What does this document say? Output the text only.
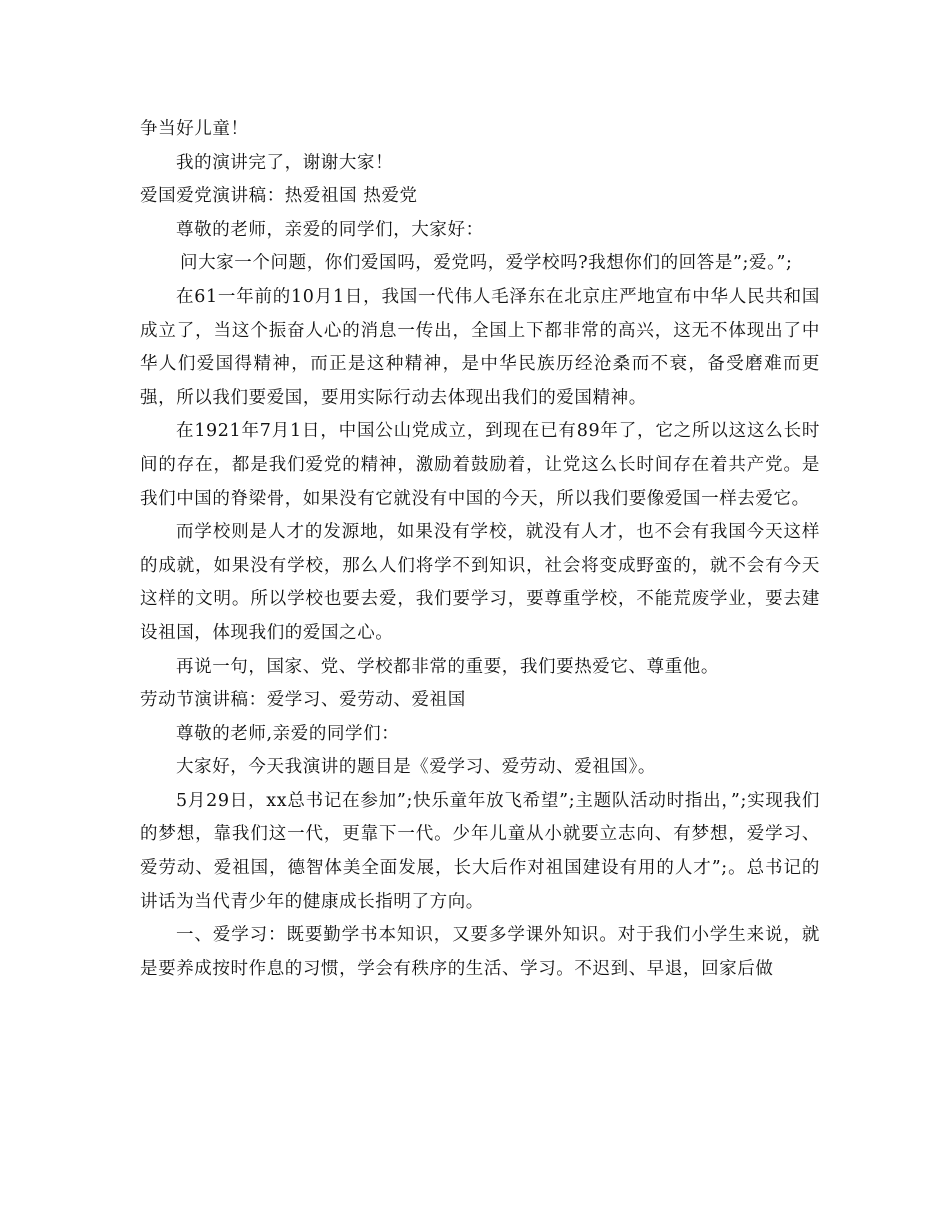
争当好儿童！

我的演讲完了，谢谢大家！

爱国爱党演讲稿：热爱祖国 热爱党

尊敬的老师，亲爱的同学们，大家好：

问大家一个问题，你们爱国吗，爱党吗，爱学校吗?我想你们的回答是”;爱。”;

在61一年前的10月1日，我国一代伟人毛泽东在北京庄严地宣布中华人民共和国成立了，当这个振奋人心的消息一传出，全国上下都非常的高兴，这无不体现出了中华人们爱国得精神，而正是这种精神，是中华民族历经沧桑而不衰，备受磨难而更强，所以我们要爱国，要用实际行动去体现出我们的爱国精神。

在1921年7月1日，中国公山党成立，到现在已有89年了，它之所以这这么长时间的存在，都是我们爱党的精神，激励着鼓励着，让党这么长时间存在着共产党。是我们中国的脊梁骨，如果没有它就没有中国的今天，所以我们要像爱国一样去爱它。

而学校则是人才的发源地，如果没有学校，就没有人才，也不会有我国今天这样的成就，如果没有学校，那么人们将学不到知识，社会将变成野蛮的，就不会有今天这样的文明。所以学校也要去爱，我们要学习，要尊重学校，不能荒废学业，要去建设祖国，体现我们的爱国之心。

再说一句，国家、党、学校都非常的重要，我们要热爱它、尊重他。

劳动节演讲稿：爱学习、爱劳动、爱祖国

尊敬的老师,亲爱的同学们：

大家好，今天我演讲的题目是《爱学习、爱劳动、爱祖国》。

5月29日，xx总书记在参加”;快乐童年放飞希望”;主题队活动时指出，”;实现我们的梦想，靠我们这一代，更靠下一代。少年儿童从小就要立志向、有梦想，爱学习、爱劳动、爱祖国，德智体美全面发展，长大后作对祖国建设有用的人才”;。总书记的讲话为当代青少年的健康成长指明了方向。

一、爱学习：既要勤学书本知识，又要多学课外知识。对于我们小学生来说，就是要养成按时作息的习惯，学会有秩序的生活、学习。不迟到、早退，回家后做
